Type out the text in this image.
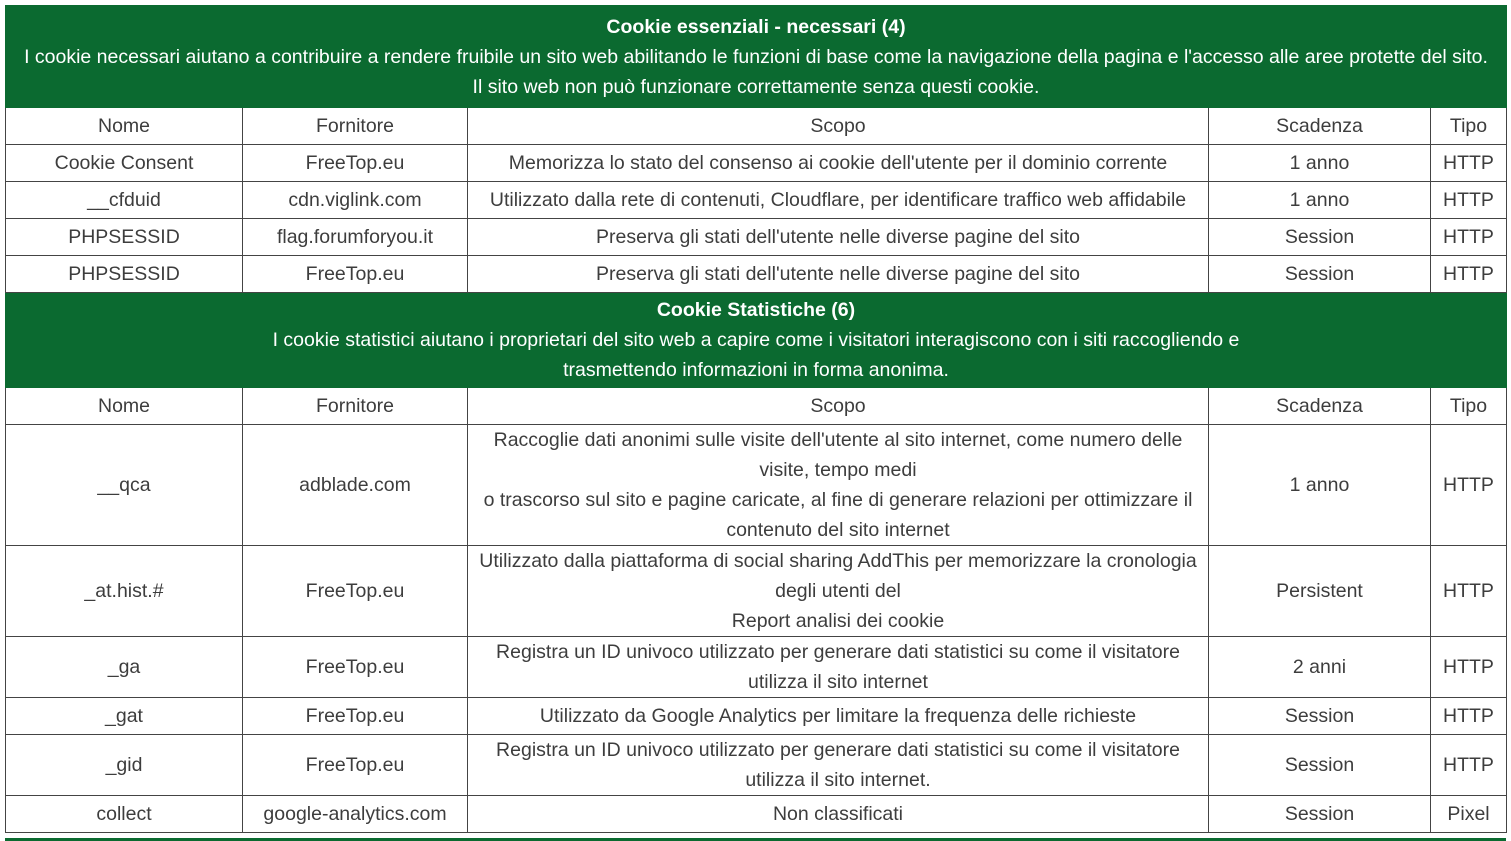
Cookie essenziali - necessari (4)
I cookie necessari aiutano a contribuire a rendere fruibile un sito web abilitando le funzioni di base come la navigazione della pagina e l'accesso alle aree protette del sito. Il sito web non può funzionare correttamente senza questi cookie.				
Nome	Fornitore	Scopo	Scadenza	Tipo
Cookie Consent	FreeTop.eu	Memorizza lo stato del consenso ai cookie dell'utente per il dominio corrente	1 anno	HTTP
__cfduid	cdn.viglink.com	Utilizzato dalla rete di contenuti, Cloudflare, per identificare traffico web affidabile	1 anno	HTTP
PHPSESSID	flag.forumforyou.it	Preserva gli stati dell'utente nelle diverse pagine del sito	Session	HTTP
PHPSESSID	FreeTop.eu	Preserva gli stati dell'utente nelle diverse pagine del sito	Session	HTTP

Cookie Statistiche (6)
I cookie statistici aiutano i proprietari del sito web a capire come i visitatori interagiscono con i siti raccogliendo e
trasmettendo informazioni in forma anonima.				

Nome	Fornitore	Scopo	Scadenza	Tipo
__qca	adblade.com	Raccoglie dati anonimi sulle visite dell'utente al sito internet, come numero delle visite, tempo medi
o trascorso sul sito e pagine caricate, al fine di generare relazioni per ottimizzare il contenuto del sito internet	1 anno	HTTP
_at.hist.#	FreeTop.eu	Utilizzato dalla piattaforma di social sharing AddThis per memorizzare la cronologia degli utenti del
Report analisi dei cookie	Persistent	HTTP
_ga	FreeTop.eu	Registra un ID univoco utilizzato per generare dati statistici su come il visitatore utilizza il sito internet	2 anni	HTTP
_gat	FreeTop.eu	Utilizzato da Google Analytics per limitare la frequenza delle richieste	Session	HTTP
_gid	FreeTop.eu	Registra un ID univoco utilizzato per generare dati statistici su come il visitatore utilizza il sito internet.	Session	HTTP
collect	google-analytics.com	Non classificati	Session	Pixel
